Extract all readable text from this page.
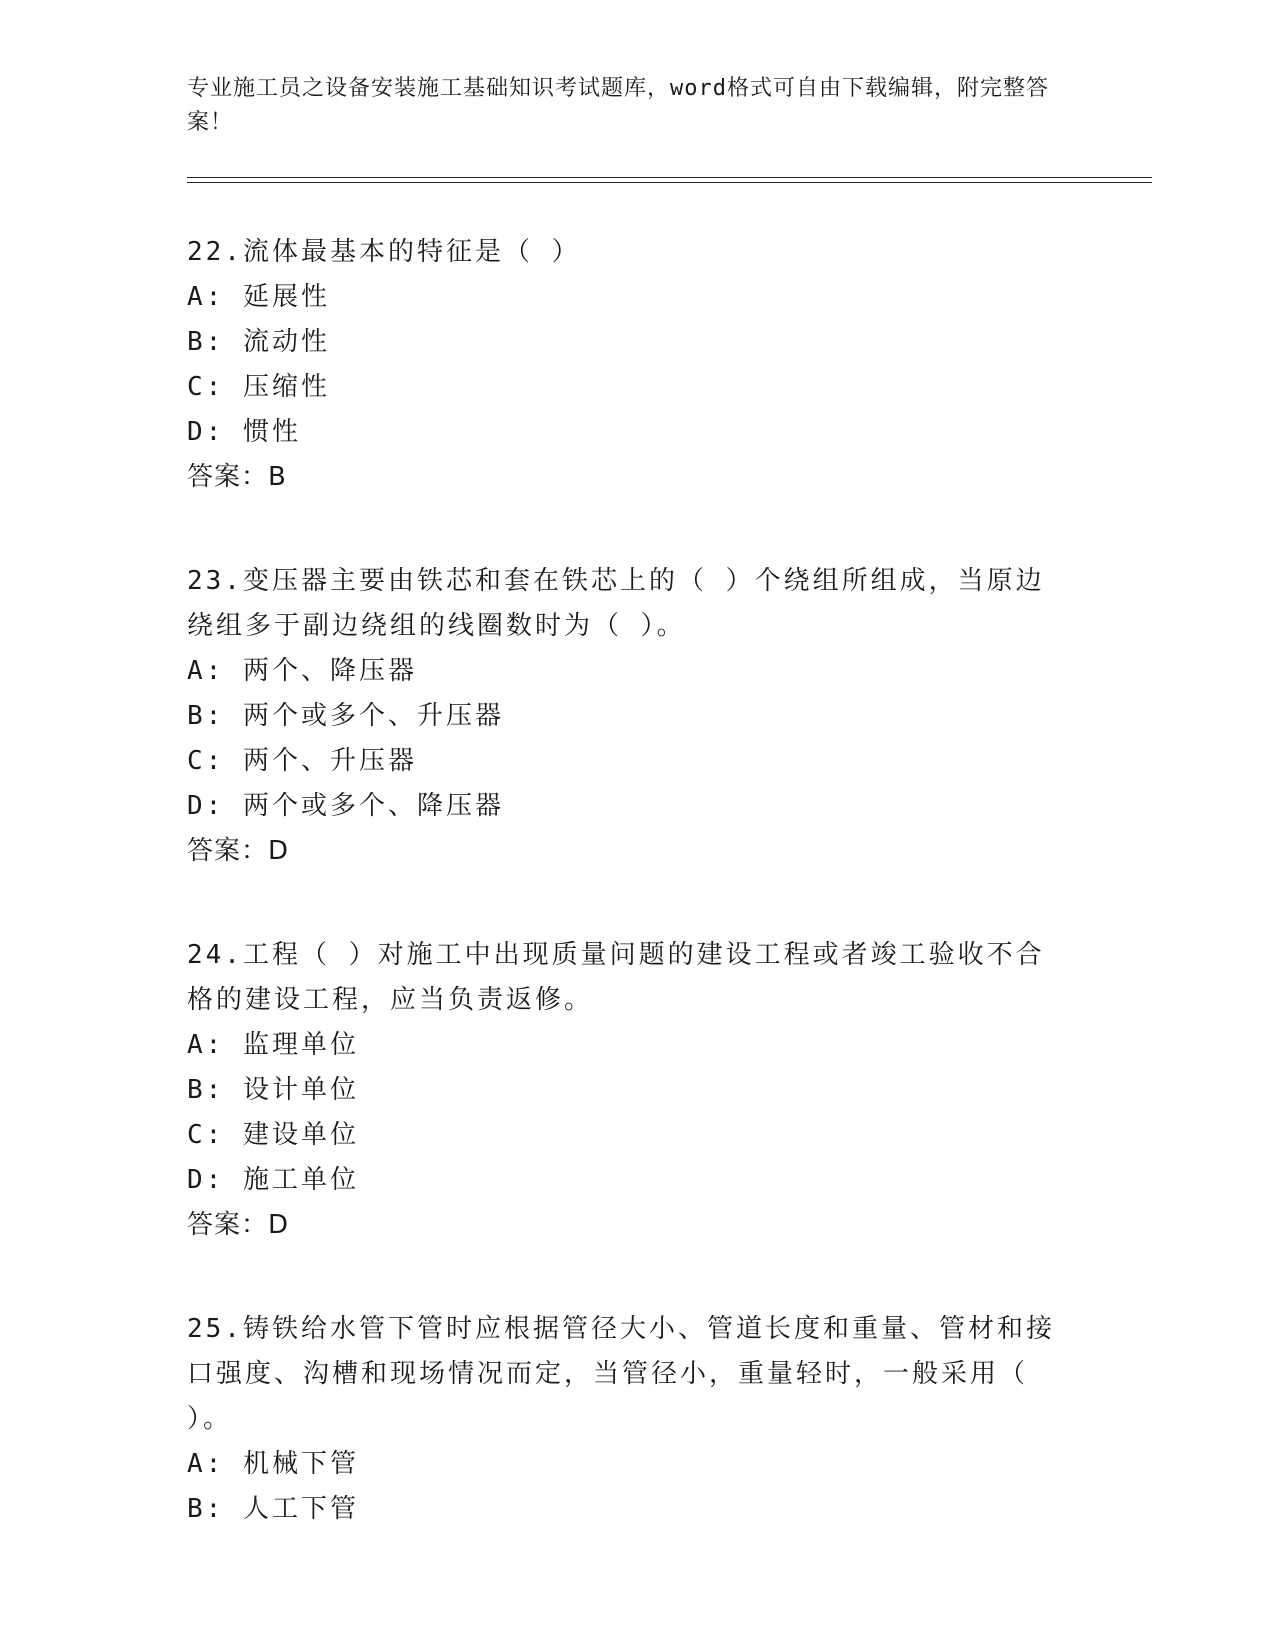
专业施工员之设备安装施工基础知识考试题库，word格式可自由下载编辑，附完整答案！

22.流体最基本的特征是（ ）

A: 延展性

B: 流动性

C: 压缩性

D: 惯性

答案：B

23.变压器主要由铁芯和套在铁芯上的（ ）个绕组所组成，当原边绕组多于副边绕组的线圈数时为（ ）。

A: 两个、降压器

B: 两个或多个、升压器

C: 两个、升压器

D: 两个或多个、降压器

答案：D

24.工程（ ）对施工中出现质量问题的建设工程或者竣工验收不合格的建设工程，应当负责返修。

A: 监理单位

B: 设计单位

C: 建设单位

D: 施工单位

答案：D

25.铸铁给水管下管时应根据管径大小、管道长度和重量、管材和接口强度、沟槽和现场情况而定，当管径小，重量轻时，一般采用（ ）。

A: 机械下管

B: 人工下管
